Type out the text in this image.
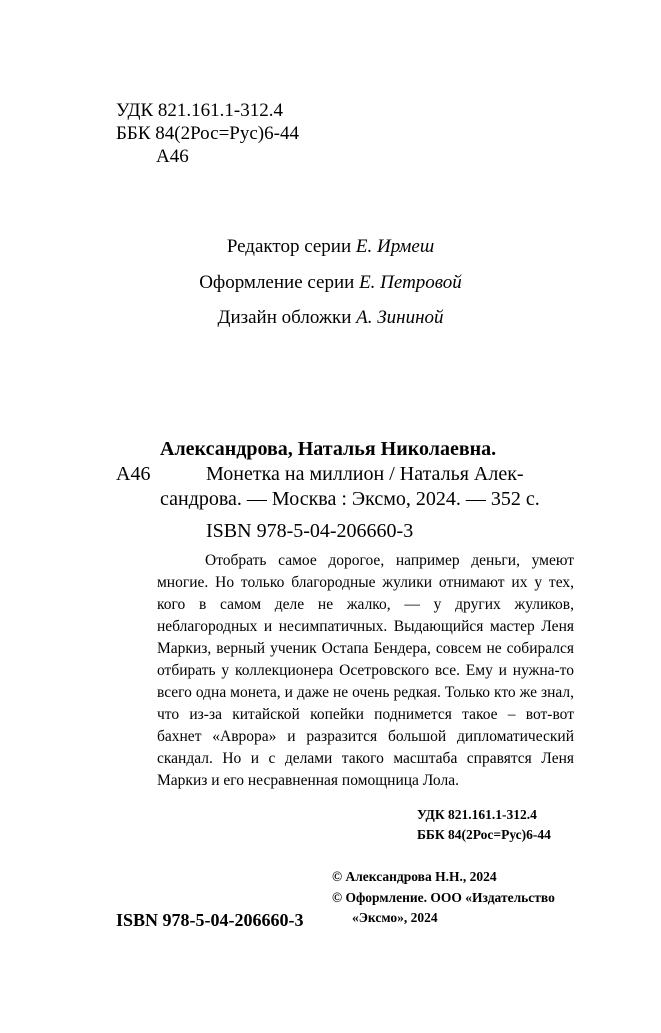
УДК 821.161.1-312.4
ББК 84(2Рос=Рус)6-44
А46
Редактор серии Е. Ирмеш
Оформление серии Е. Петровой
Дизайн обложки А. Зининой
Александрова, Наталья Николаевна.
А46	Монетка на миллион / Наталья Алек-
сандрова. — Москва : Эксмо, 2024. — 352 с.
ISBN 978-5-04-206660-3
Отобрать самое дорогое, например деньги, умеют многие. Но только благородные жулики отнимают их у тех, кого в самом деле не жалко, — у других жуликов, неблагородных и несимпатичных. Выдающийся мастер Леня Маркиз, верный ученик Остапа Бендера, совсем не собирался отбирать у коллекционера Осетровского все. Ему и нужна-то всего одна монета, и даже не очень редкая. Только кто же знал, что из-за китайской копейки поднимется такое – вот-вот бахнет «Аврора» и разразится большой дипломатический скандал. Но и с делами такого масштаба справятся Леня Маркиз и его несравненная помощница Лола.
УДК 821.161.1-312.4
ББК 84(2Рос=Рус)6-44
© Александрова Н.Н., 2024
© Оформление. ООО «Издательство
«Эксмо», 2024
ISBN 978-5-04-206660-3
